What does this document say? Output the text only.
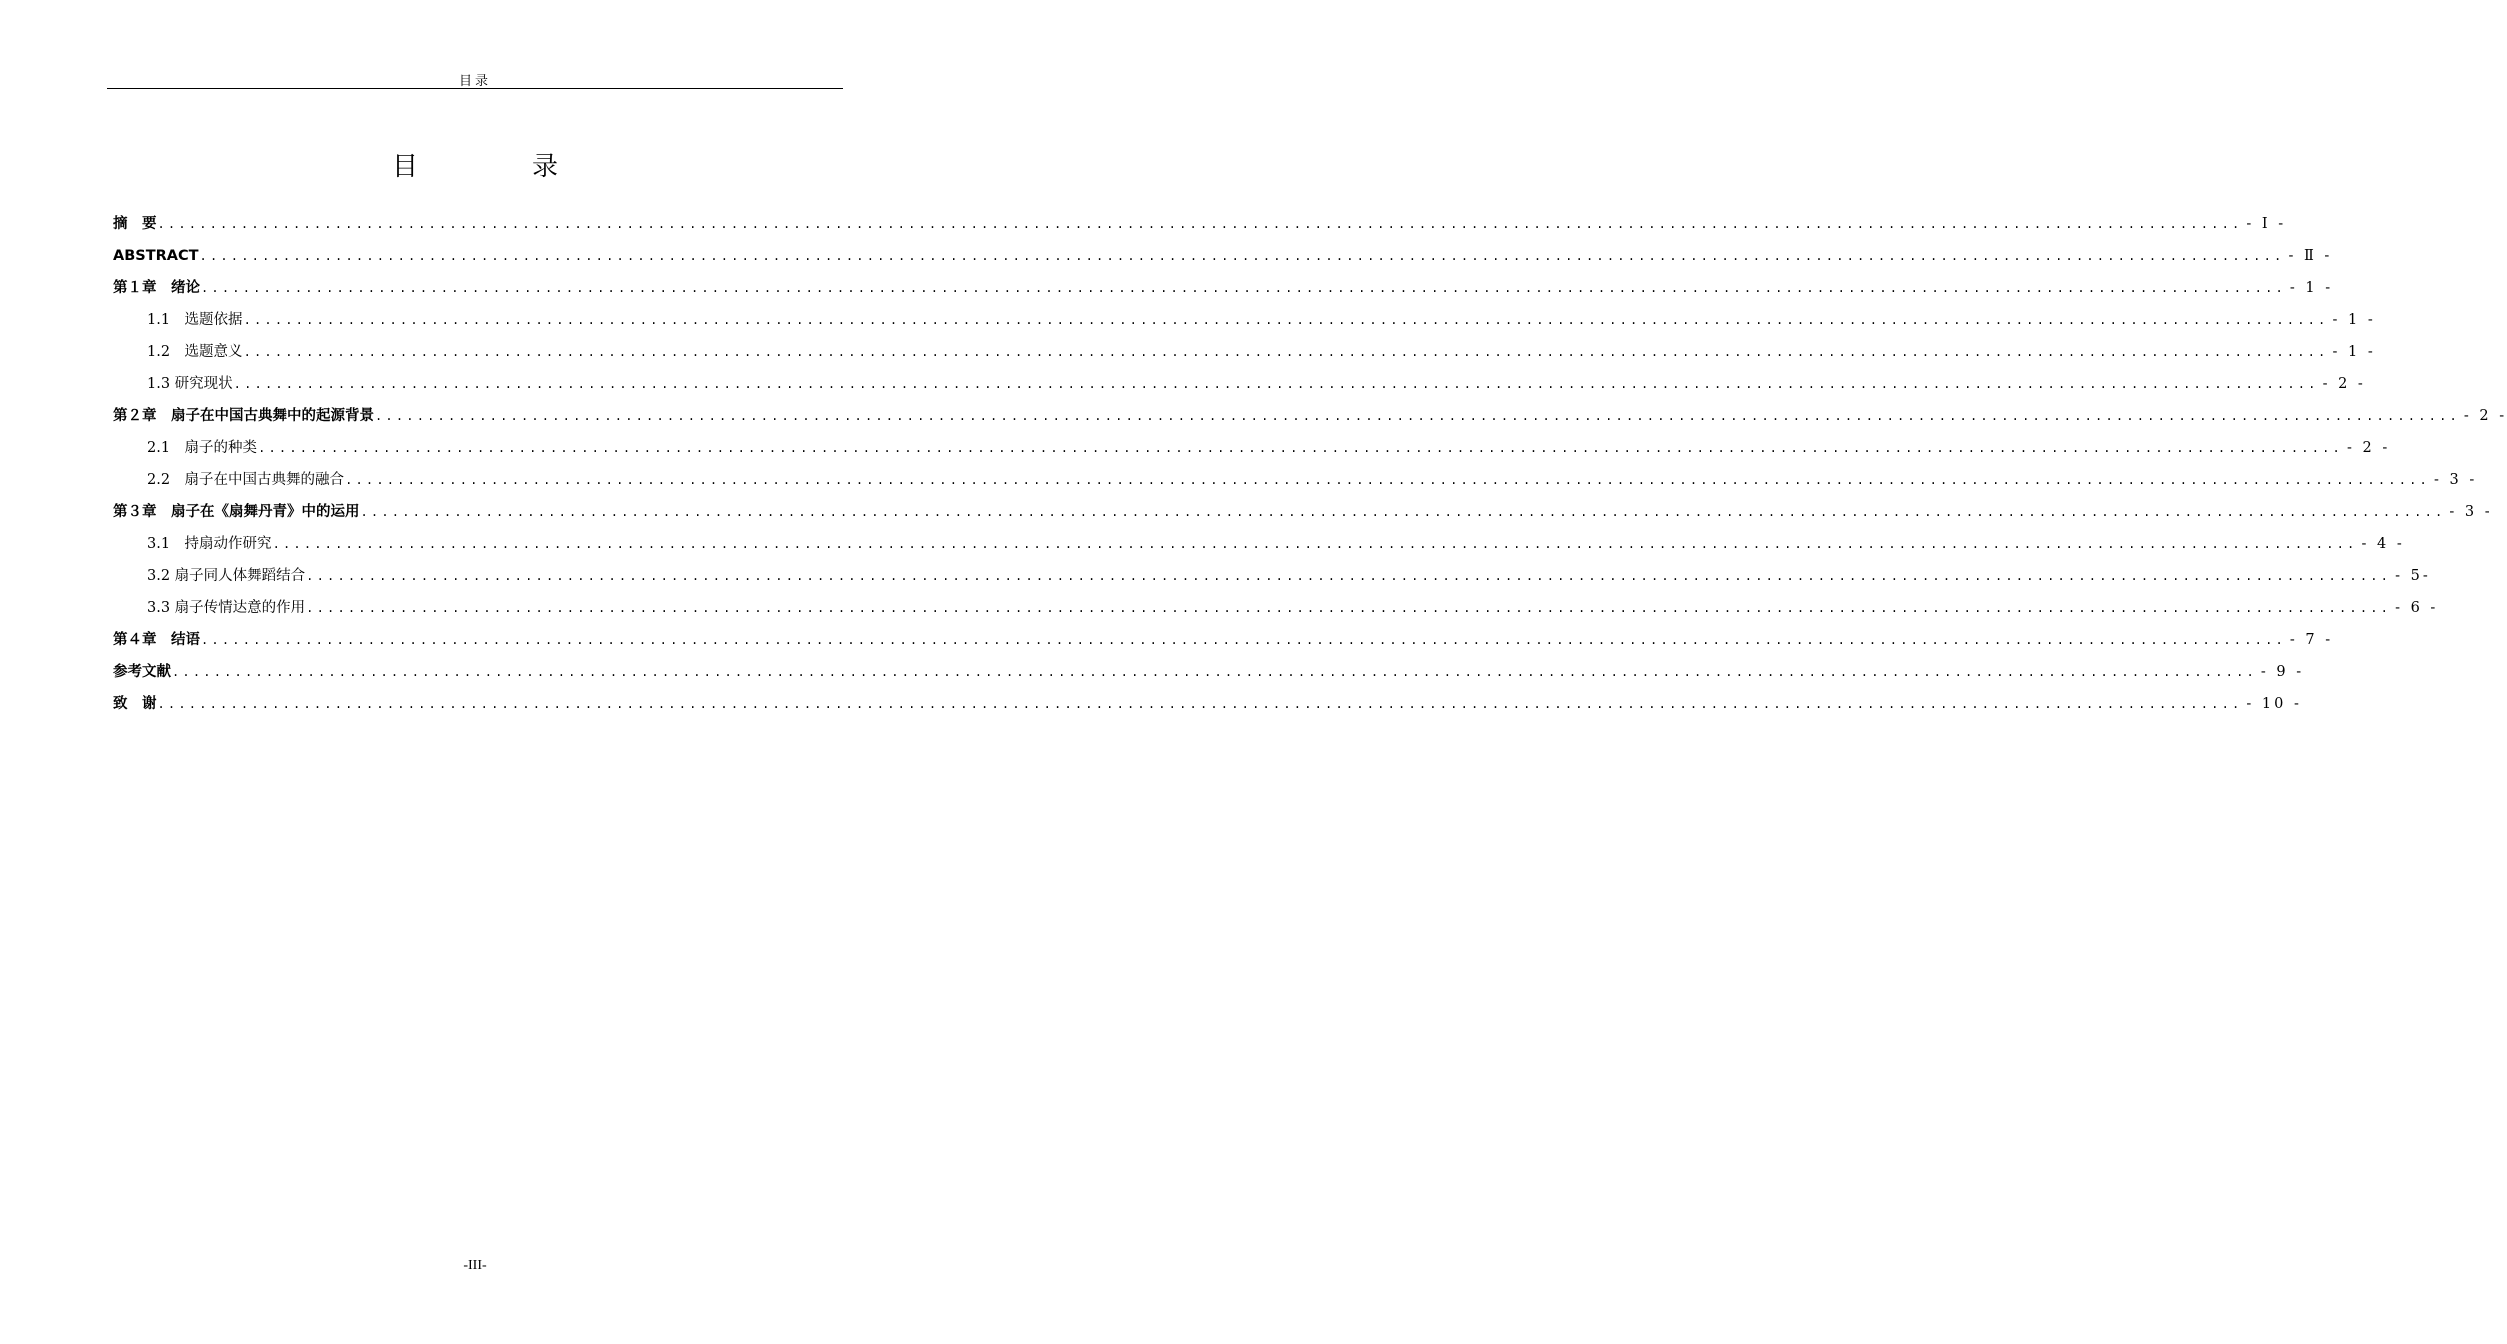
目录
目　录
摘　要 ........................................................................................................................................................................................................ - Ⅰ -
ABSTRACT ........................................................................................................................................................................................................ - Ⅱ -
第１章　绪论 ........................................................................................................................................................................................................ - 1 -
1.1　选题依据 ........................................................................................................................................................................................................ - 1 -
1.2　选题意义 ........................................................................................................................................................................................................ - 1 -
1.3 研究现状 ........................................................................................................................................................................................................ - 2 -
第２章　扇子在中国古典舞中的起源背景 ........................................................................................................................................................................................................ - 2 -
2.1　扇子的种类 ........................................................................................................................................................................................................ - 2 -
2.2　扇子在中国古典舞的融合 ........................................................................................................................................................................................................ - 3 -
第３章　扇子在《扇舞丹青》中的运用 ........................................................................................................................................................................................................ - 3 -
3.1　持扇动作研究 ........................................................................................................................................................................................................ - 4 -
3.2 扇子同人体舞蹈结合 ........................................................................................................................................................................................................ - 5-
3.3 扇子传情达意的作用 ........................................................................................................................................................................................................ - 6 -
第４章　结语 ........................................................................................................................................................................................................ - 7 -
参考文献 ........................................................................................................................................................................................................ - 9 -
致　谢 ........................................................................................................................................................................................................ - 10 -
-III-
